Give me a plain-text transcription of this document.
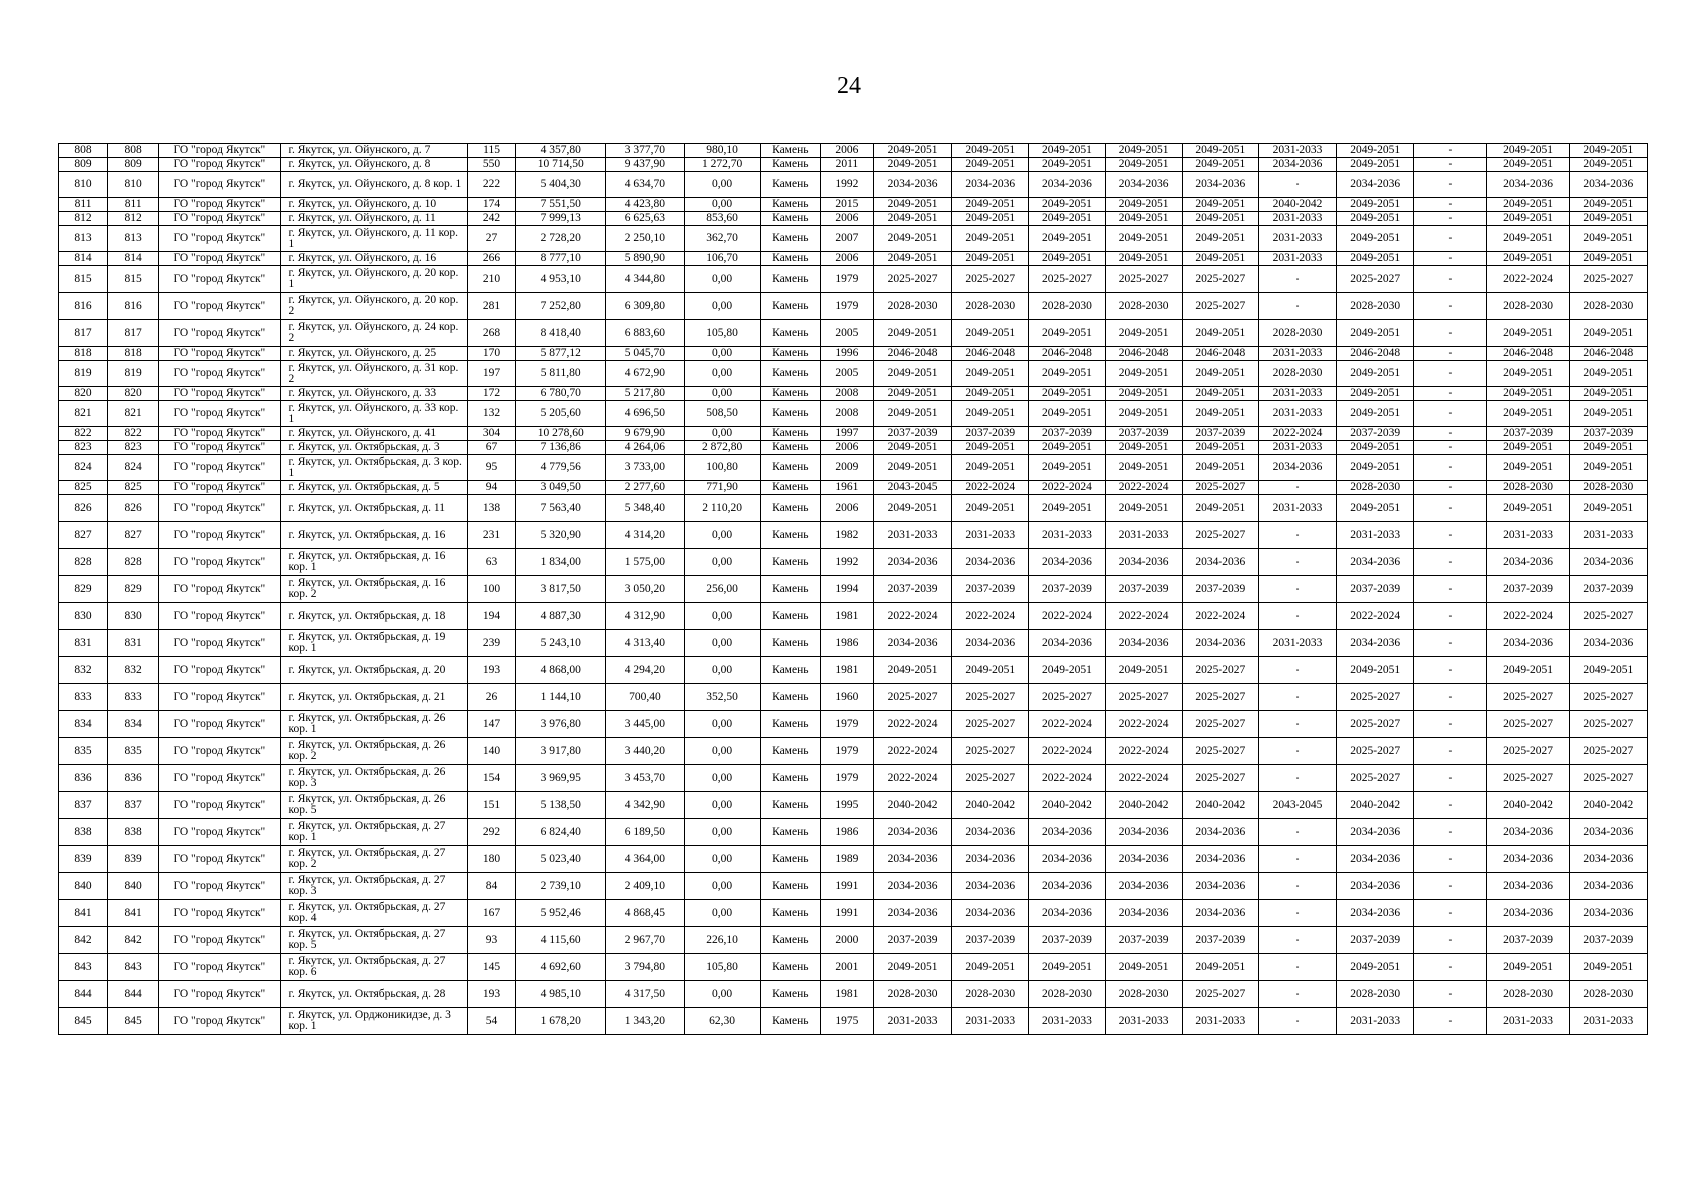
24
808	808	ГО "город Якутск"	г. Якутск, ул. Ойунского, д. 7	115	4 357,80	3 377,70	980,10	Камень	2006	2049-2051	2049-2051	2049-2051	2049-2051	2049-2051	2031-2033	2049-2051	-	2049-2051	2049-2051
809	809	ГО "город Якутск"	г. Якутск, ул. Ойунского, д. 8	550	10 714,50	9 437,90	1 272,70	Камень	2011	2049-2051	2049-2051	2049-2051	2049-2051	2049-2051	2034-2036	2049-2051	-	2049-2051	2049-2051
810	810	ГО "город Якутск"	г. Якутск, ул. Ойунского, д. 8 кор. 1	222	5 404,30	4 634,70	0,00	Камень	1992	2034-2036	2034-2036	2034-2036	2034-2036	2034-2036	-	2034-2036	-	2034-2036	2034-2036
811	811	ГО "город Якутск"	г. Якутск, ул. Ойунского, д. 10	174	7 551,50	4 423,80	0,00	Камень	2015	2049-2051	2049-2051	2049-2051	2049-2051	2049-2051	2040-2042	2049-2051	-	2049-2051	2049-2051
812	812	ГО "город Якутск"	г. Якутск, ул. Ойунского, д. 11	242	7 999,13	6 625,63	853,60	Камень	2006	2049-2051	2049-2051	2049-2051	2049-2051	2049-2051	2031-2033	2049-2051	-	2049-2051	2049-2051
813	813	ГО "город Якутск"	г. Якутск, ул. Ойунского, д. 11 кор. 1	27	2 728,20	2 250,10	362,70	Камень	2007	2049-2051	2049-2051	2049-2051	2049-2051	2049-2051	2031-2033	2049-2051	-	2049-2051	2049-2051
814	814	ГО "город Якутск"	г. Якутск, ул. Ойунского, д. 16	266	8 777,10	5 890,90	106,70	Камень	2006	2049-2051	2049-2051	2049-2051	2049-2051	2049-2051	2031-2033	2049-2051	-	2049-2051	2049-2051
815	815	ГО "город Якутск"	г. Якутск, ул. Ойунского, д. 20 кор. 1	210	4 953,10	4 344,80	0,00	Камень	1979	2025-2027	2025-2027	2025-2027	2025-2027	2025-2027	-	2025-2027	-	2022-2024	2025-2027
816	816	ГО "город Якутск"	г. Якутск, ул. Ойунского, д. 20 кор. 2	281	7 252,80	6 309,80	0,00	Камень	1979	2028-2030	2028-2030	2028-2030	2028-2030	2025-2027	-	2028-2030	-	2028-2030	2028-2030
817	817	ГО "город Якутск"	г. Якутск, ул. Ойунского, д. 24 кор. 2	268	8 418,40	6 883,60	105,80	Камень	2005	2049-2051	2049-2051	2049-2051	2049-2051	2049-2051	2028-2030	2049-2051	-	2049-2051	2049-2051
818	818	ГО "город Якутск"	г. Якутск, ул. Ойунского, д. 25	170	5 877,12	5 045,70	0,00	Камень	1996	2046-2048	2046-2048	2046-2048	2046-2048	2046-2048	2031-2033	2046-2048	-	2046-2048	2046-2048
819	819	ГО "город Якутск"	г. Якутск, ул. Ойунского, д. 31 кор. 2	197	5 811,80	4 672,90	0,00	Камень	2005	2049-2051	2049-2051	2049-2051	2049-2051	2049-2051	2028-2030	2049-2051	-	2049-2051	2049-2051
820	820	ГО "город Якутск"	г. Якутск, ул. Ойунского, д. 33	172	6 780,70	5 217,80	0,00	Камень	2008	2049-2051	2049-2051	2049-2051	2049-2051	2049-2051	2031-2033	2049-2051	-	2049-2051	2049-2051
821	821	ГО "город Якутск"	г. Якутск, ул. Ойунского, д. 33 кор. 1	132	5 205,60	4 696,50	508,50	Камень	2008	2049-2051	2049-2051	2049-2051	2049-2051	2049-2051	2031-2033	2049-2051	-	2049-2051	2049-2051
822	822	ГО "город Якутск"	г. Якутск, ул. Ойунского, д. 41	304	10 278,60	9 679,90	0,00	Камень	1997	2037-2039	2037-2039	2037-2039	2037-2039	2037-2039	2022-2024	2037-2039	-	2037-2039	2037-2039
823	823	ГО "город Якутск"	г. Якутск, ул. Октябрьская, д. 3	67	7 136,86	4 264,06	2 872,80	Камень	2006	2049-2051	2049-2051	2049-2051	2049-2051	2049-2051	2031-2033	2049-2051	-	2049-2051	2049-2051
824	824	ГО "город Якутск"	г. Якутск, ул. Октябрьская, д. 3 кор. 1	95	4 779,56	3 733,00	100,80	Камень	2009	2049-2051	2049-2051	2049-2051	2049-2051	2049-2051	2034-2036	2049-2051	-	2049-2051	2049-2051
825	825	ГО "город Якутск"	г. Якутск, ул. Октябрьская, д. 5	94	3 049,50	2 277,60	771,90	Камень	1961	2043-2045	2022-2024	2022-2024	2022-2024	2025-2027	-	2028-2030	-	2028-2030	2028-2030
826	826	ГО "город Якутск"	г. Якутск, ул. Октябрьская, д. 11	138	7 563,40	5 348,40	2 110,20	Камень	2006	2049-2051	2049-2051	2049-2051	2049-2051	2049-2051	2031-2033	2049-2051	-	2049-2051	2049-2051
827	827	ГО "город Якутск"	г. Якутск, ул. Октябрьская, д. 16	231	5 320,90	4 314,20	0,00	Камень	1982	2031-2033	2031-2033	2031-2033	2031-2033	2025-2027	-	2031-2033	-	2031-2033	2031-2033
828	828	ГО "город Якутск"	г. Якутск, ул. Октябрьская, д. 16 кор. 1	63	1 834,00	1 575,00	0,00	Камень	1992	2034-2036	2034-2036	2034-2036	2034-2036	2034-2036	-	2034-2036	-	2034-2036	2034-2036
829	829	ГО "город Якутск"	г. Якутск, ул. Октябрьская, д. 16 кор. 2	100	3 817,50	3 050,20	256,00	Камень	1994	2037-2039	2037-2039	2037-2039	2037-2039	2037-2039	-	2037-2039	-	2037-2039	2037-2039
830	830	ГО "город Якутск"	г. Якутск, ул. Октябрьская, д. 18	194	4 887,30	4 312,90	0,00	Камень	1981	2022-2024	2022-2024	2022-2024	2022-2024	2022-2024	-	2022-2024	-	2022-2024	2025-2027
831	831	ГО "город Якутск"	г. Якутск, ул. Октябрьская, д. 19 кор. 1	239	5 243,10	4 313,40	0,00	Камень	1986	2034-2036	2034-2036	2034-2036	2034-2036	2034-2036	2031-2033	2034-2036	-	2034-2036	2034-2036
832	832	ГО "город Якутск"	г. Якутск, ул. Октябрьская, д. 20	193	4 868,00	4 294,20	0,00	Камень	1981	2049-2051	2049-2051	2049-2051	2049-2051	2025-2027	-	2049-2051	-	2049-2051	2049-2051
833	833	ГО "город Якутск"	г. Якутск, ул. Октябрьская, д. 21	26	1 144,10	700,40	352,50	Камень	1960	2025-2027	2025-2027	2025-2027	2025-2027	2025-2027	-	2025-2027	-	2025-2027	2025-2027
834	834	ГО "город Якутск"	г. Якутск, ул. Октябрьская, д. 26 кор. 1	147	3 976,80	3 445,00	0,00	Камень	1979	2022-2024	2025-2027	2022-2024	2022-2024	2025-2027	-	2025-2027	-	2025-2027	2025-2027
835	835	ГО "город Якутск"	г. Якутск, ул. Октябрьская, д. 26 кор. 2	140	3 917,80	3 440,20	0,00	Камень	1979	2022-2024	2025-2027	2022-2024	2022-2024	2025-2027	-	2025-2027	-	2025-2027	2025-2027
836	836	ГО "город Якутск"	г. Якутск, ул. Октябрьская, д. 26 кор. 3	154	3 969,95	3 453,70	0,00	Камень	1979	2022-2024	2025-2027	2022-2024	2022-2024	2025-2027	-	2025-2027	-	2025-2027	2025-2027
837	837	ГО "город Якутск"	г. Якутск, ул. Октябрьская, д. 26 кор. 5	151	5 138,50	4 342,90	0,00	Камень	1995	2040-2042	2040-2042	2040-2042	2040-2042	2040-2042	2043-2045	2040-2042	-	2040-2042	2040-2042
838	838	ГО "город Якутск"	г. Якутск, ул. Октябрьская, д. 27 кор. 1	292	6 824,40	6 189,50	0,00	Камень	1986	2034-2036	2034-2036	2034-2036	2034-2036	2034-2036	-	2034-2036	-	2034-2036	2034-2036
839	839	ГО "город Якутск"	г. Якутск, ул. Октябрьская, д. 27 кор. 2	180	5 023,40	4 364,00	0,00	Камень	1989	2034-2036	2034-2036	2034-2036	2034-2036	2034-2036	-	2034-2036	-	2034-2036	2034-2036
840	840	ГО "город Якутск"	г. Якутск, ул. Октябрьская, д. 27 кор. 3	84	2 739,10	2 409,10	0,00	Камень	1991	2034-2036	2034-2036	2034-2036	2034-2036	2034-2036	-	2034-2036	-	2034-2036	2034-2036
841	841	ГО "город Якутск"	г. Якутск, ул. Октябрьская, д. 27 кор. 4	167	5 952,46	4 868,45	0,00	Камень	1991	2034-2036	2034-2036	2034-2036	2034-2036	2034-2036	-	2034-2036	-	2034-2036	2034-2036
842	842	ГО "город Якутск"	г. Якутск, ул. Октябрьская, д. 27 кор. 5	93	4 115,60	2 967,70	226,10	Камень	2000	2037-2039	2037-2039	2037-2039	2037-2039	2037-2039	-	2037-2039	-	2037-2039	2037-2039
843	843	ГО "город Якутск"	г. Якутск, ул. Октябрьская, д. 27 кор. 6	145	4 692,60	3 794,80	105,80	Камень	2001	2049-2051	2049-2051	2049-2051	2049-2051	2049-2051	-	2049-2051	-	2049-2051	2049-2051
844	844	ГО "город Якутск"	г. Якутск, ул. Октябрьская, д. 28	193	4 985,10	4 317,50	0,00	Камень	1981	2028-2030	2028-2030	2028-2030	2028-2030	2025-2027	-	2028-2030	-	2028-2030	2028-2030
845	845	ГО "город Якутск"	г. Якутск, ул. Орджоникидзе, д. 3 кор. 1	54	1 678,20	1 343,20	62,30	Камень	1975	2031-2033	2031-2033	2031-2033	2031-2033	2031-2033	-	2031-2033	-	2031-2033	2031-2033
